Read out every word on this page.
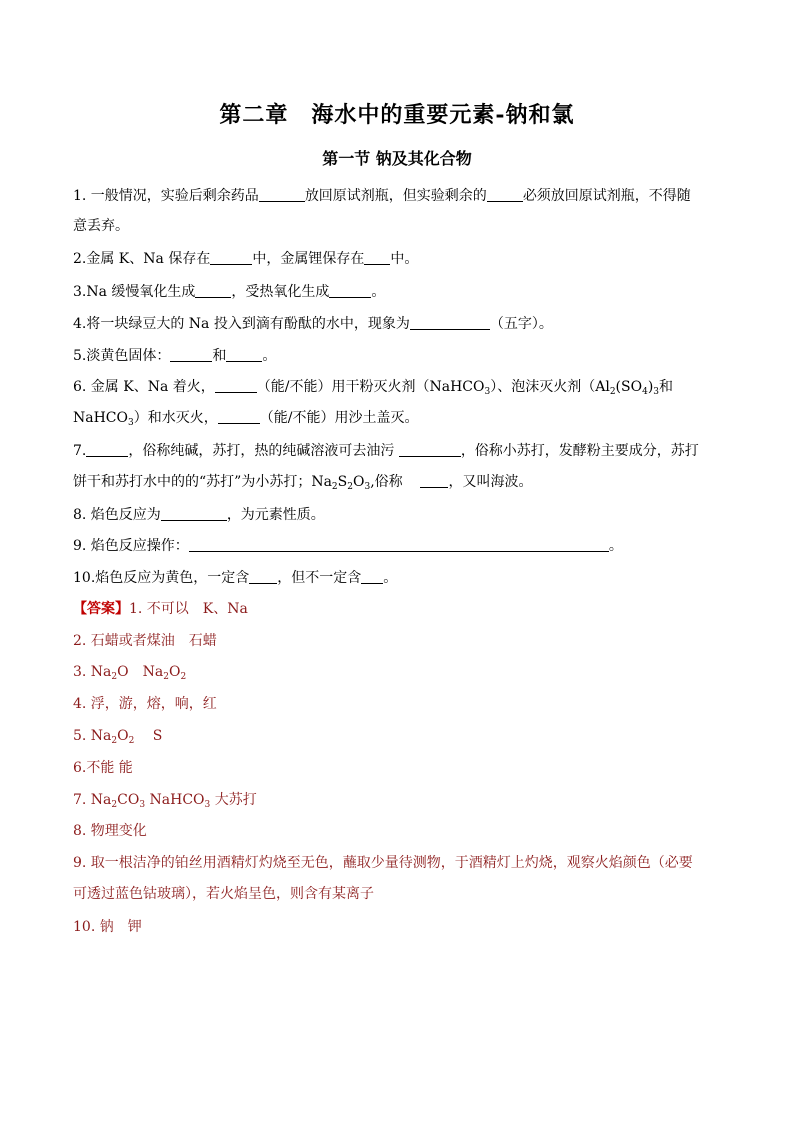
第二章　海水中的重要元素-钠和氯
第一节 钠及其化合物
1. 一般情况，实验后剩余药品	放回原试剂瓶，但实验剩余的	必须放回原试剂瓶，不得随
意丢弃。
2.金属 K、Na 保存在	中，金属锂保存在 中。
3.Na 缓慢氧化生成	，受热氧化生成	。
4.将一块绿豆大的 Na 投入到滴有酚酞的水中，现象为	（五字）。
5.淡黄色固体：	和	。
6. 金属 K、Na 着火，	（能/不能）用干粉灭火剂（NaHCO$_3$）、泡沫灭火剂（$Al_2(SO_4)_3$和
NaHCO$_3$）和水灭火，	（能/不能）用沙土盖灭。
7.	，俗称纯碱，苏打，热的纯碱溶液可去油污	，俗称小苏打，发酵粉主要成分，苏打
饼干和苏打水中的的“苏打”为小苏打；$Na_2S_2O_3$,俗称	，又叫海波。
8. 焰色反应为	，为元素性质。
9. 焰色反应操作：	。
10.焰色反应为黄色，一定含 ，但不一定含 。
【答案】1. 不可以　K、Na
2. 石蜡或者煤油　石蜡
3. $Na_2O$　$Na_2O_2$
4. 浮，游，熔，响，红
5. $Na_2O_2$　 S
6.不能 能
7. $Na_2CO_3$ NaHCO$_3$ 大苏打
8. 物理变化
9. 取一根洁净的铂丝用酒精灯灼烧至无色，蘸取少量待测物，于酒精灯上灼烧，观察火焰颜色（必要
可透过蓝色钴玻璃），若火焰呈色，则含有某离子
10. 钠　钾
